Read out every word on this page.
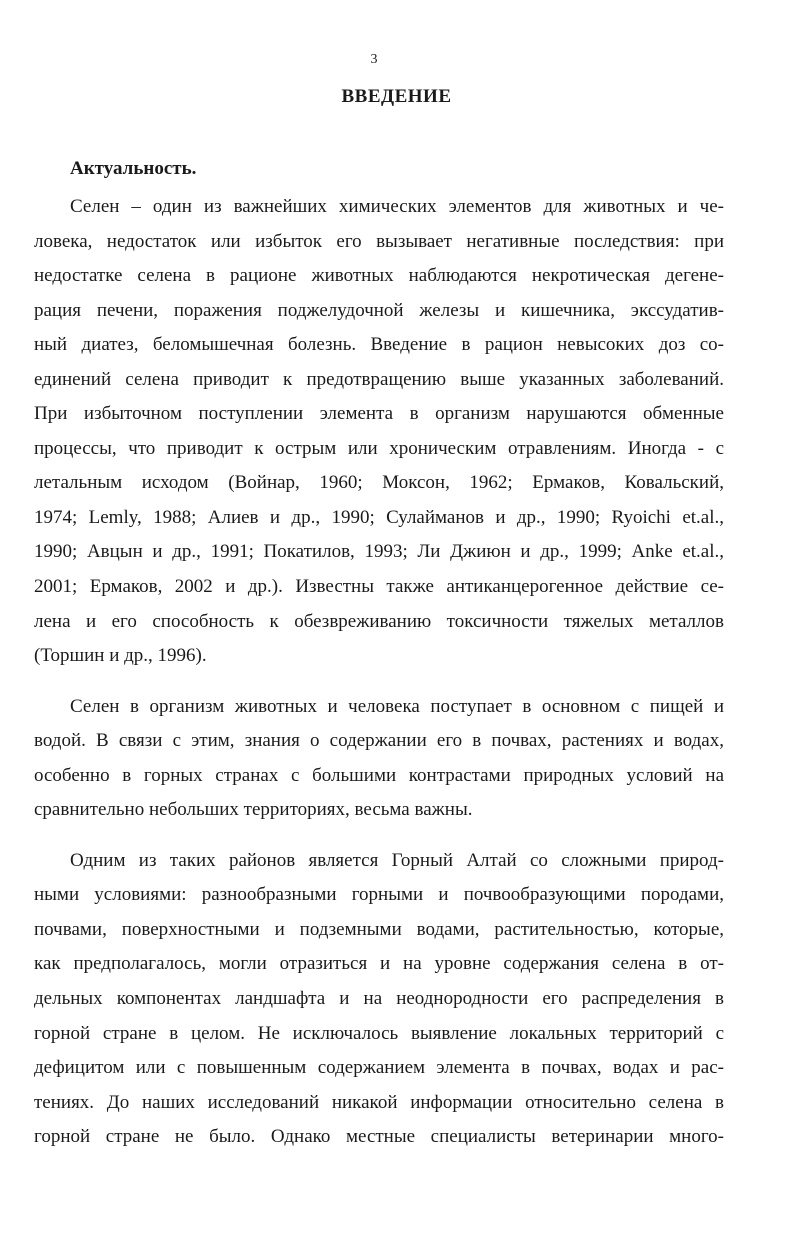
3
ВВЕДЕНИЕ
Актуальность.
Селен – один из важнейших химических элементов для животных и че-
ловека, недостаток или избыток его вызывает негативные последствия: при
недостатке селена в рационе животных наблюдаются некротическая дегене-
рация печени, поражения поджелудочной железы и кишечника, экссудатив-
ный диатез, беломышечная болезнь. Введение в рацион невысоких доз со-
единений селена приводит к предотвращению выше указанных заболеваний.
При избыточном поступлении элемента в организм нарушаются обменные
процессы, что приводит к острым или хроническим отравлениям. Иногда - с
летальным исходом (Войнар, 1960; Моксон, 1962; Ермаков, Ковальский,
1974; Lemly, 1988; Алиев и др., 1990; Сулайманов и др., 1990; Ryoichi et.al.,
1990; Авцын и др., 1991; Покатилов, 1993; Ли Джиюн и др., 1999; Anke et.al.,
2001; Ермаков, 2002 и др.). Известны также антиканцерогенное действие се-
лена и его способность к обезвреживанию токсичности тяжелых металлов
(Торшин и др., 1996).
Селен в организм животных и человека поступает в основном с пищей и
водой. В связи с этим, знания о содержании его в почвах, растениях и водах,
особенно в горных странах с большими контрастами природных условий на
сравнительно небольших территориях, весьма важны.
Одним из таких районов является Горный Алтай со сложными природ-
ными условиями: разнообразными горными и почвообразующими породами,
почвами, поверхностными и подземными водами, растительностью, которые,
как предполагалось, могли отразиться и на уровне содержания селена в от-
дельных компонентах ландшафта и на неоднородности его распределения в
горной стране в целом. Не исключалось выявление локальных территорий с
дефицитом или с повышенным содержанием элемента в почвах, водах и рас-
тениях. До наших исследований никакой информации относительно селена в
горной стране не было. Однако местные специалисты ветеринарии много-
